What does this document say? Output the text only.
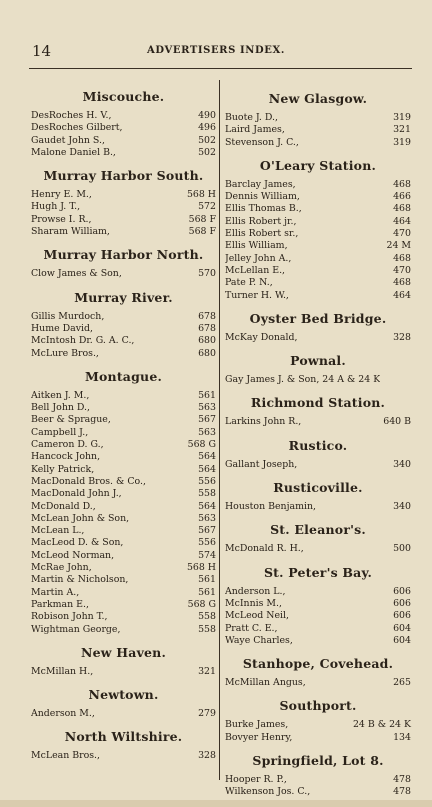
14	ADVERTISERS INDEX.
Miscouche.
DesRoches H. V.,	490
DesRoches Gilbert,	496
Gaudet John S.,	502
Malone Daniel B.,	502
Murray Harbor South.
Henry E. M.,	568 H
Hugh J. T.,	572
Prowse I. R.,	568 F
Sharam William,	568 F
Murray Harbor North.
Clow James & Son,	570
Murray River.
Gillis Murdoch,	678
Hume David,	678
McIntosh Dr. G. A. C.,	680
McLure Bros.,	680
Montague.
Aitken J. M.,	561
Bell John D.,	563
Beer & Sprague,	567
Campbell J.,	563
Cameron D. G.,	568 G
Hancock John,	564
Kelly Patrick,	564
MacDonald Bros. & Co.,	556
MacDonald John J.,	558
McDonald D.,	564
McLean John & Son,	563
McLean L.,	567
MacLeod D. & Son,	556
McLeod Norman,	574
McRae John,	568 H
Martin & Nicholson,	561
Martin A.,	561
Parkman E.,	568 G
Robison John T.,	558
Wightman George,	558
New Haven.
McMillan H.,	321
Newtown.
Anderson M.,	279
North Wiltshire.
McLean Bros.,	328
New Glasgow.
Buote J. D.,	319
Laird James,	321
Stevenson J. C.,	319
O'Leary Station.
Barclay James,	468
Dennis William,	466
Ellis Thomas B.,	468
Ellis Robert jr.,	464
Ellis Robert sr.,	470
Ellis William,	24 M
Jelley John A.,	468
McLellan E.,	470
Pate P. N.,	468
Turner H. W.,	464
Oyster Bed Bridge.
McKay Donald,	328
Pownal.
Gay James J. & Son, 24 A & 24 K
Richmond Station.
Larkins John R.,	640 B
Rustico.
Gallant Joseph,	340
Rusticoville.
Houston Benjamin,	340
St. Eleanor's.
McDonald R. H.,	500
St. Peter's Bay.
Anderson L.,	606
McInnis M.,	606
McLeod Neil,	606
Pratt C. E.,	604
Waye Charles,	604
Stanhope, Covehead.
McMillan Angus,	265
Southport.
Burke James,	24 B & 24 K
Bovyer Henry,	134
Springfield, Lot 8.
Hooper R. P.,	478
Wilkenson Jos. C.,	478
